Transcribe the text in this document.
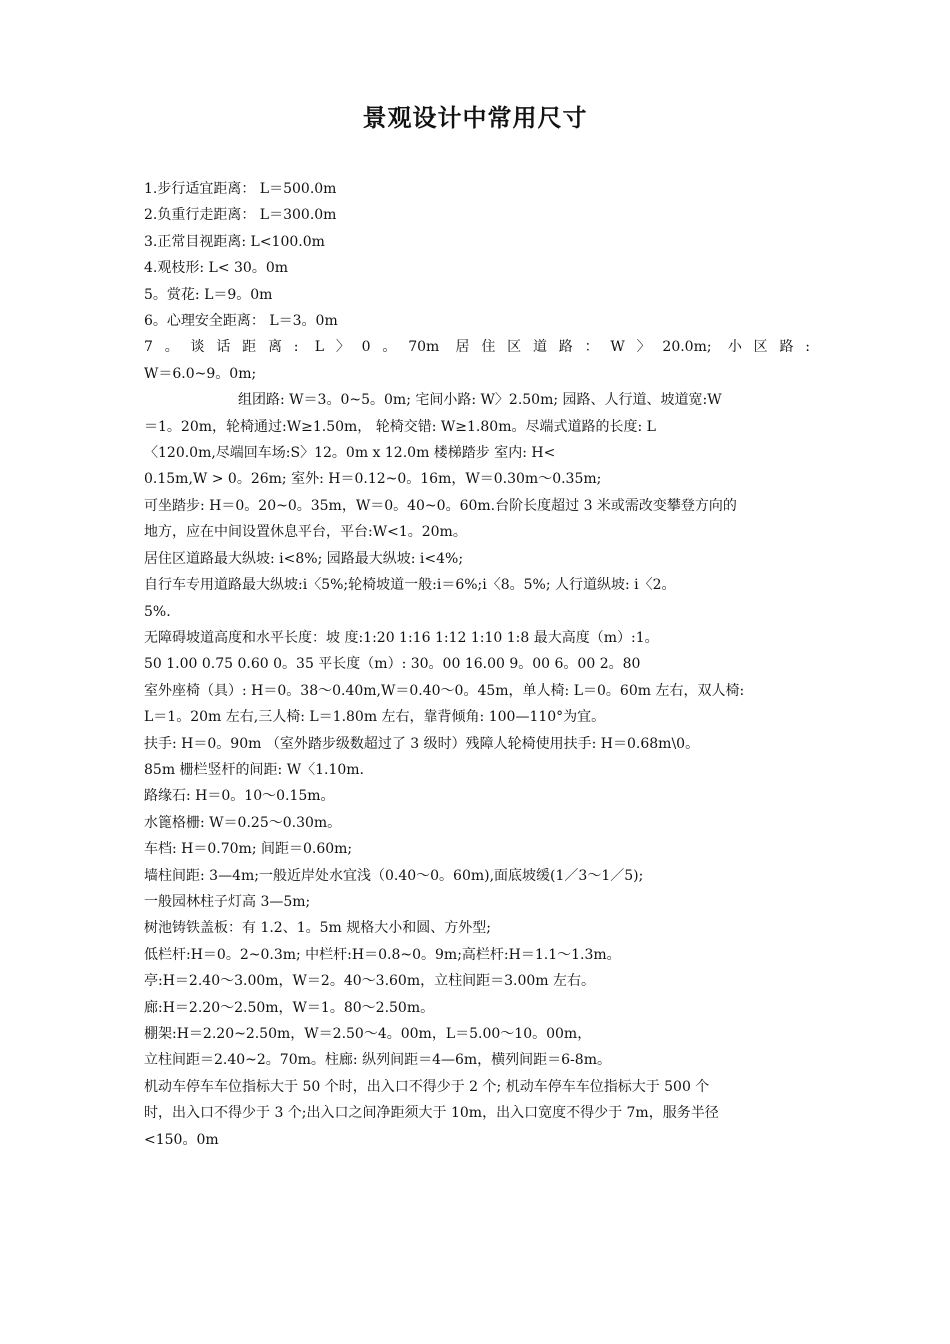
景观设计中常用尺寸

1.步行适宜距离： L＝500.0m

2.负重行走距离： L＝300.0m

3.正常目视距离: L<100.0m

4.观枝形: L< 30。0m

5。赏花: L＝9。0m

6。心理安全距离： L＝3。0m

7。谈话距离: L〉0。70m 居住区道路：W〉20.0m; 小区路:

W＝6.0~9。0m;

组团路: W＝3。0~5。0m; 宅间小路: W〉2.50m; 园路、人行道、坡道宽:W

＝1。20m，轮椅通过:W≥1.50m， 轮椅交错: W≥1.80m。尽端式道路的长度: L

〈120.0m,尽端回车场:S〉12。0m x 12.0m 楼梯踏步 室内: H<

0.15m,W > 0。26m; 室外: H＝0.12~0。16m，W＝0.30m～0.35m;

可坐踏步: H＝0。20~0。35m，W＝0。40~0。60m.台阶长度超过 3 米或需改变攀登方向的

地方，应在中间设置休息平台，平台:W<1。20m。

居住区道路最大纵坡: i<8%; 园路最大纵坡: i<4%;

自行车专用道路最大纵坡:i〈5%;轮椅坡道一般:i＝6%;i〈8。5%; 人行道纵坡: i〈2。

5%.

无障碍坡道高度和水平长度：坡 度:1:20 1:16 1:12 1:10 1:8 最大高度（m）:1。

50 1.00 0.75 0.60 0。35 平长度（m）: 30。00 16.00 9。00 6。00 2。80

室外座椅（具）: H＝0。38～0.40m,W＝0.40～0。45m，单人椅: L＝0。60m 左右，双人椅:

L＝1。20m 左右,三人椅: L＝1.80m 左右，靠背倾角: 100—110°为宜。

扶手: H＝0。90m （室外踏步级数超过了 3 级时）残障人轮椅使用扶手: H＝0.68m\0。

85m 栅栏竖杆的间距: W〈1.10m.

路缘石: H＝0。10～0.15m。

水篦格栅: W＝0.25～0.30m。

车档: H＝0.70m; 间距＝0.60m;

墙柱间距: 3—4m;一般近岸处水宜浅（0.40～0。60m),面底坡缓(1／3～1／5);

一般园林柱子灯高 3—5m;

树池铸铁盖板：有 1.2、1。5m 规格大小和圆、方外型;

低栏杆:H＝0。2~0.3m; 中栏杆:H＝0.8~0。9m;高栏杆:H＝1.1～1.3m。

亭:H＝2.40～3.00m，W＝2。40～3.60m，立柱间距＝3.00m 左右。

廊:H＝2.20～2.50m，W＝1。80～2.50m。

棚架:H＝2.20~2.50m，W＝2.50～4。00m，L＝5.00～10。00m，

立柱间距＝2.40~2。70m。柱廊: 纵列间距＝4—6m，横列间距＝6-8m。

机动车停车车位指标大于 50 个时，出入口不得少于 2 个; 机动车停车车位指标大于 500 个

时，出入口不得少于 3 个;出入口之间净距须大于 10m，出入口宽度不得少于 7m，服务半径

<150。0m
